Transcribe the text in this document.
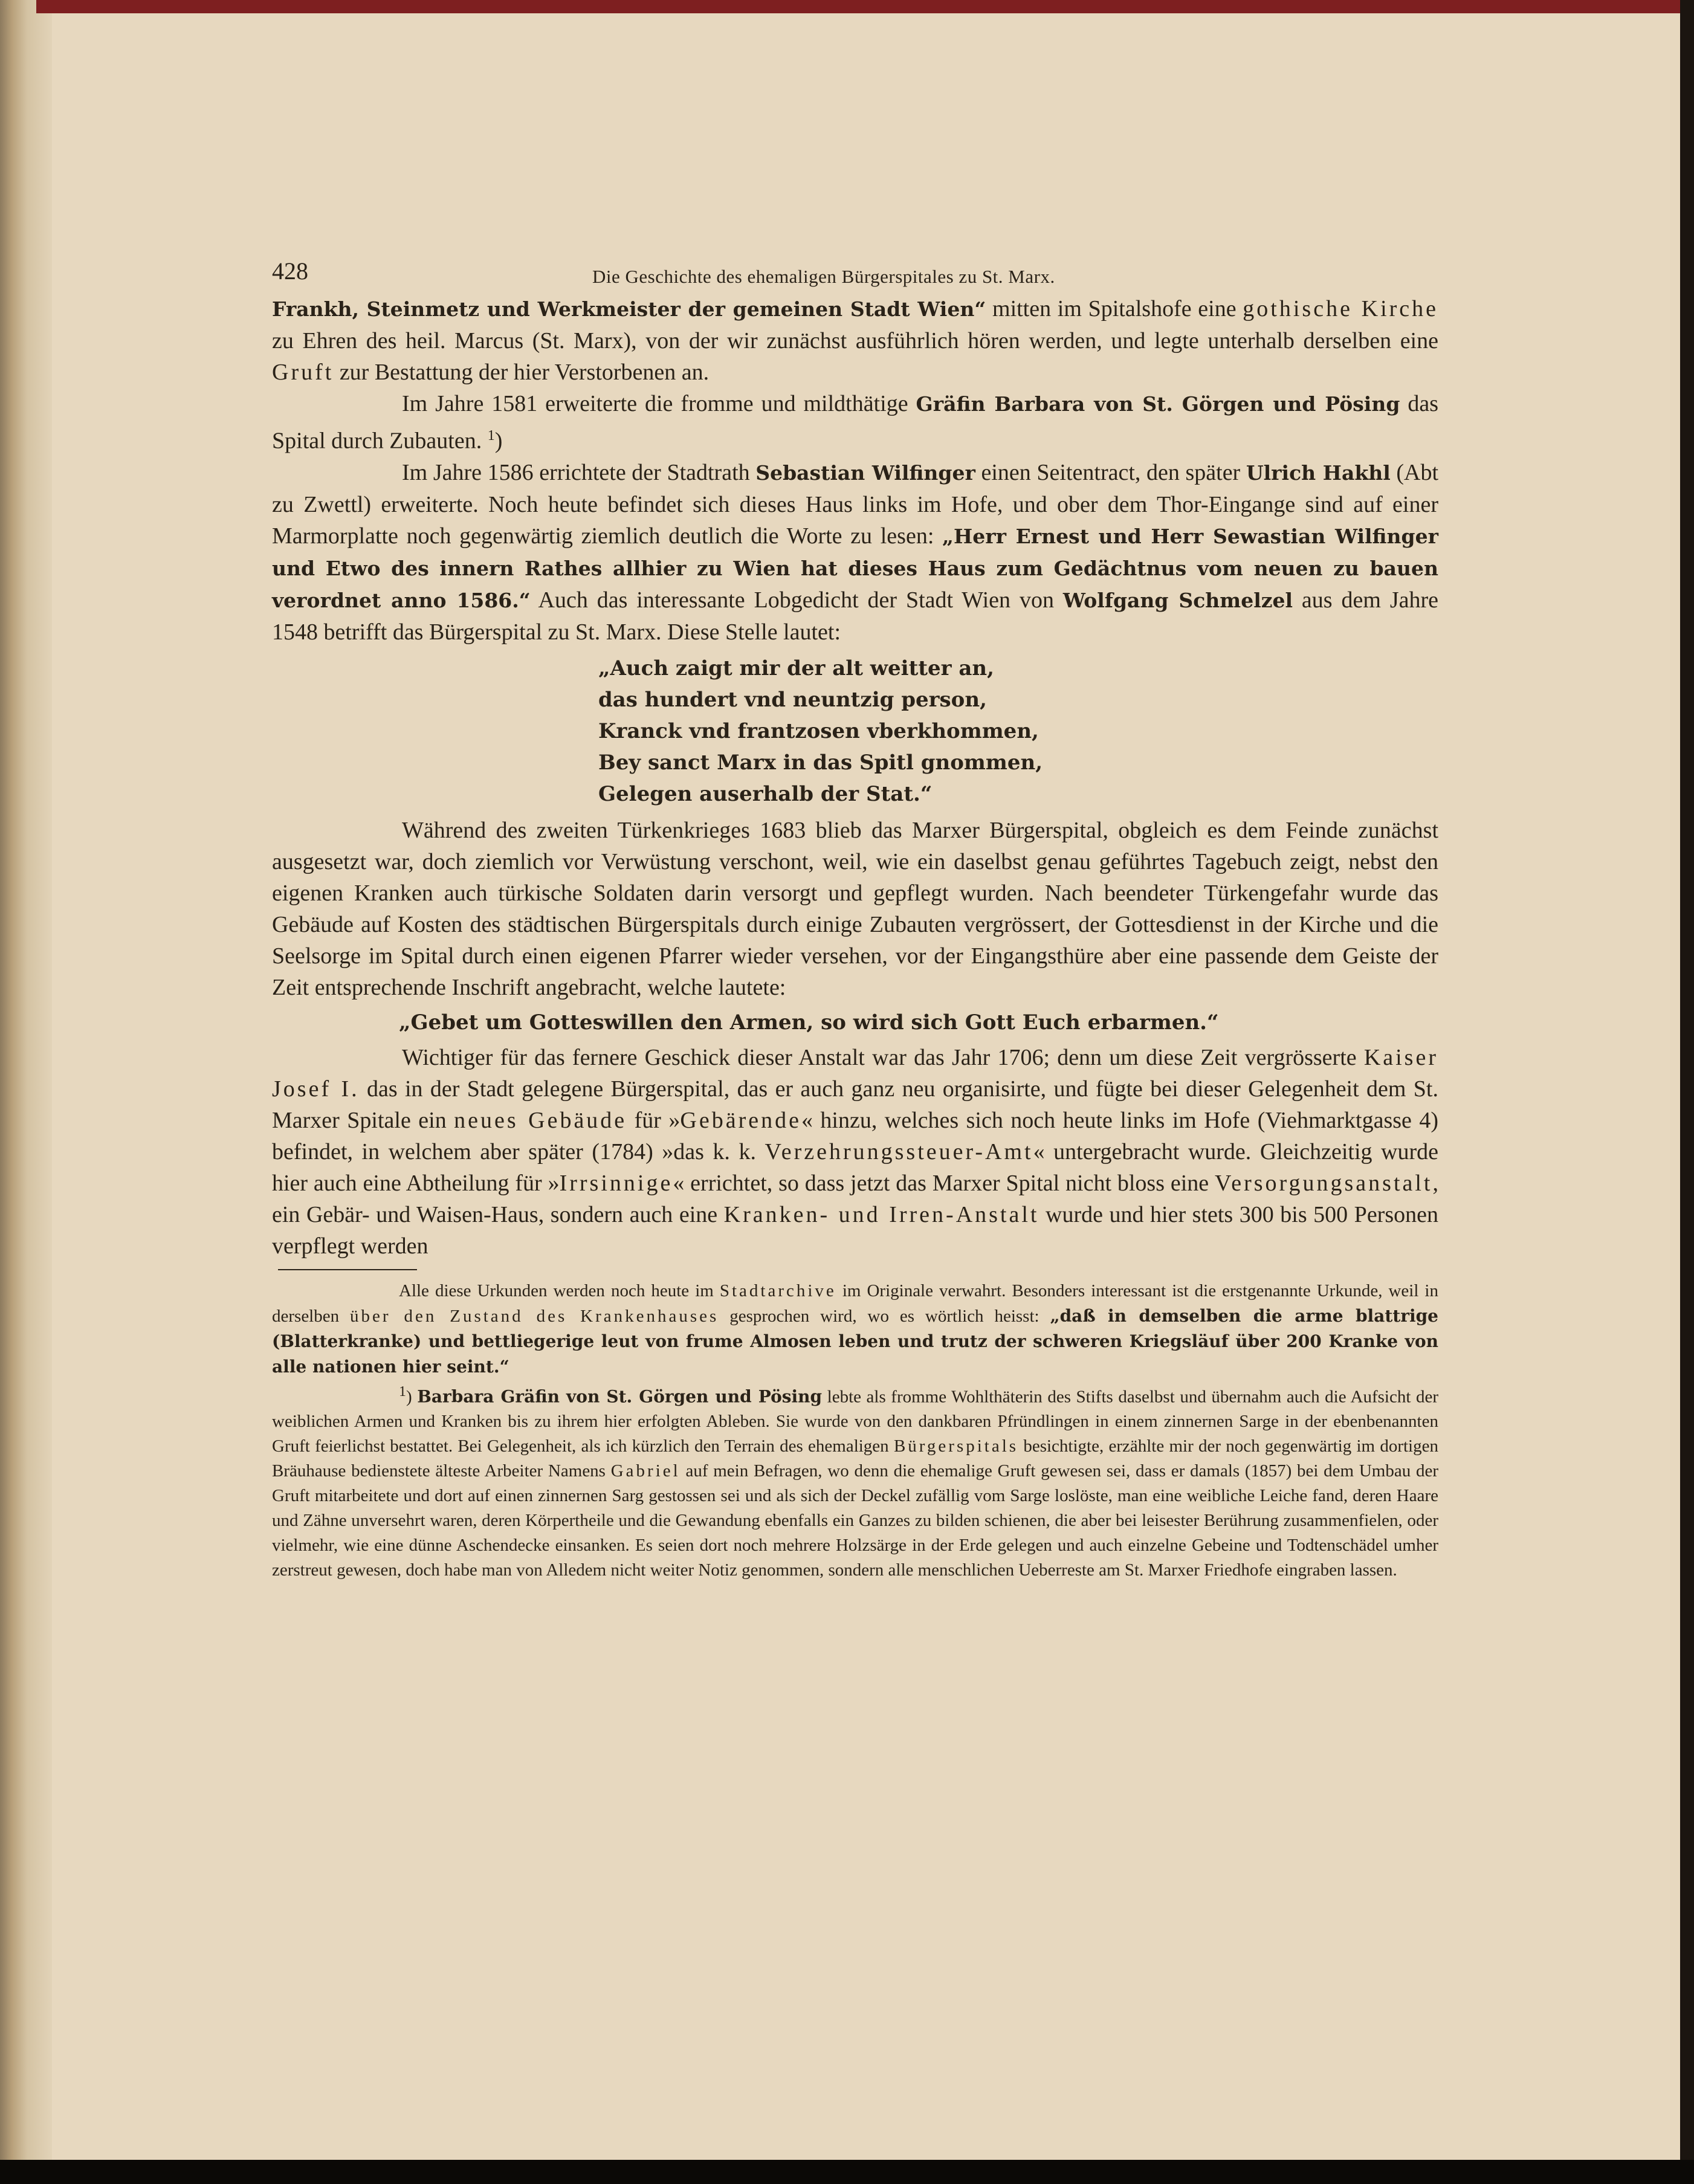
428	Die Geschichte des ehemaligen Bürgerspitales zu St. Marx.

Frankh, Steinmetz und Werkmeister der gemeinen Stadt Wien“ mitten im Spitalshofe eine gothische Kirche zu Ehren des heil. Marcus (St. Marx), von der wir zunächst ausführlich hören werden, und legte unterhalb derselben eine Gruft zur Bestattung der hier Verstorbenen an.

Im Jahre 1581 erweiterte die fromme und mildthätige Gräfin Barbara von St. Görgen und Pösing das Spital durch Zubauten. $^1$)

Im Jahre 1586 errichtete der Stadtrath Sebastian Wilfinger einen Seitentract, den später Ulrich Hakhl (Abt zu Zwettl) erweiterte. Noch heute befindet sich dieses Haus links im Hofe, und ober dem Thor-Eingange sind auf einer Marmorplatte noch gegenwärtig ziemlich deutlich die Worte zu lesen: „Herr Ernest und Herr Sewastian Wilfinger und Etwo des innern Rathes allhier zu Wien hat dieses Haus zum Gedächtnus vom neuen zu bauen verordnet anno 1586.“ Auch das interessante Lobgedicht der Stadt Wien von Wolfgang Schmelzel aus dem Jahre 1548 betrifft das Bürgerspital zu St. Marx. Diese Stelle lautet:

„Auch zaigt mir der alt weitter an,
das hundert vnd neuntzig person,
Kranck vnd frantzosen vberkhommen,
Bey sanct Marx in das Spitl gnommen,
Gelegen auserhalb der Stat.“

Während des zweiten Türkenkrieges 1683 blieb das Marxer Bürgerspital, obgleich es dem Feinde zunächst ausgesetzt war, doch ziemlich vor Verwüstung verschont, weil, wie ein daselbst genau geführtes Tagebuch zeigt, nebst den eigenen Kranken auch türkische Soldaten darin versorgt und gepflegt wurden. Nach beendeter Türkengefahr wurde das Gebäude auf Kosten des städtischen Bürgerspitals durch einige Zubauten vergrössert, der Gottesdienst in der Kirche und die Seelsorge im Spital durch einen eigenen Pfarrer wieder versehen, vor der Eingangsthüre aber eine passende dem Geiste der Zeit entsprechende Inschrift angebracht, welche lautete:

„Gebet um Gotteswillen den Armen, so wird sich Gott Euch erbarmen.“

Wichtiger für das fernere Geschick dieser Anstalt war das Jahr 1706; denn um diese Zeit vergrösserte Kaiser Josef I. das in der Stadt gelegene Bürgerspital, das er auch ganz neu organisirte, und fügte bei dieser Gelegenheit dem St. Marxer Spitale ein neues Gebäude für »Gebärende« hinzu, welches sich noch heute links im Hofe (Viehmarktgasse 4) befindet, in welchem aber später (1784) »das k. k. Verzehrungssteuer-Amt« untergebracht wurde. Gleichzeitig wurde hier auch eine Abtheilung für »Irrsinnige« errichtet, so dass jetzt das Marxer Spital nicht bloss eine Versorgungsanstalt, ein Gebär- und Waisen-Haus, sondern auch eine Kranken- und Irren-Anstalt wurde und hier stets 300 bis 500 Personen verpflegt werden

Alle diese Urkunden werden noch heute im Stadtarchive im Originale verwahrt. Besonders interessant ist die erstgenannte Urkunde, weil in derselben über den Zustand des Krankenhauses gesprochen wird, wo es wörtlich heisst: „daß in demselben die arme blattrige (Blatterkranke) und bettliegerige leut von frume Almosen leben und trutz der schweren Kriegsläuf über 200 Kranke von alle nationen hier seint.“

$^1$) Barbara Gräfin von St. Görgen und Pösing lebte als fromme Wohlthäterin des Stifts daselbst und übernahm auch die Aufsicht der weiblichen Armen und Kranken bis zu ihrem hier erfolgten Ableben. Sie wurde von den dankbaren Pfründlingen in einem zinnernen Sarge in der ebenbenannten Gruft feierlichst bestattet. Bei Gelegenheit, als ich kürzlich den Terrain des ehemaligen Bürgerspitals besichtigte, erzählte mir der noch gegenwärtig im dortigen Bräuhause bedienstete älteste Arbeiter Namens Gabriel auf mein Befragen, wo denn die ehemalige Gruft gewesen sei, dass er damals (1857) bei dem Umbau der Gruft mitarbeitete und dort auf einen zinnernen Sarg gestossen sei und als sich der Deckel zufällig vom Sarge loslöste, man eine weibliche Leiche fand, deren Haare und Zähne unversehrt waren, deren Körpertheile und die Gewandung ebenfalls ein Ganzes zu bilden schienen, die aber bei leisester Berührung zusammenfielen, oder vielmehr, wie eine dünne Aschendecke einsanken. Es seien dort noch mehrere Holzsärge in der Erde gelegen und auch einzelne Gebeine und Todtenschädel umher zerstreut gewesen, doch habe man von Alledem nicht weiter Notiz genommen, sondern alle menschlichen Ueberreste am St. Marxer Friedhofe eingraben lassen.
